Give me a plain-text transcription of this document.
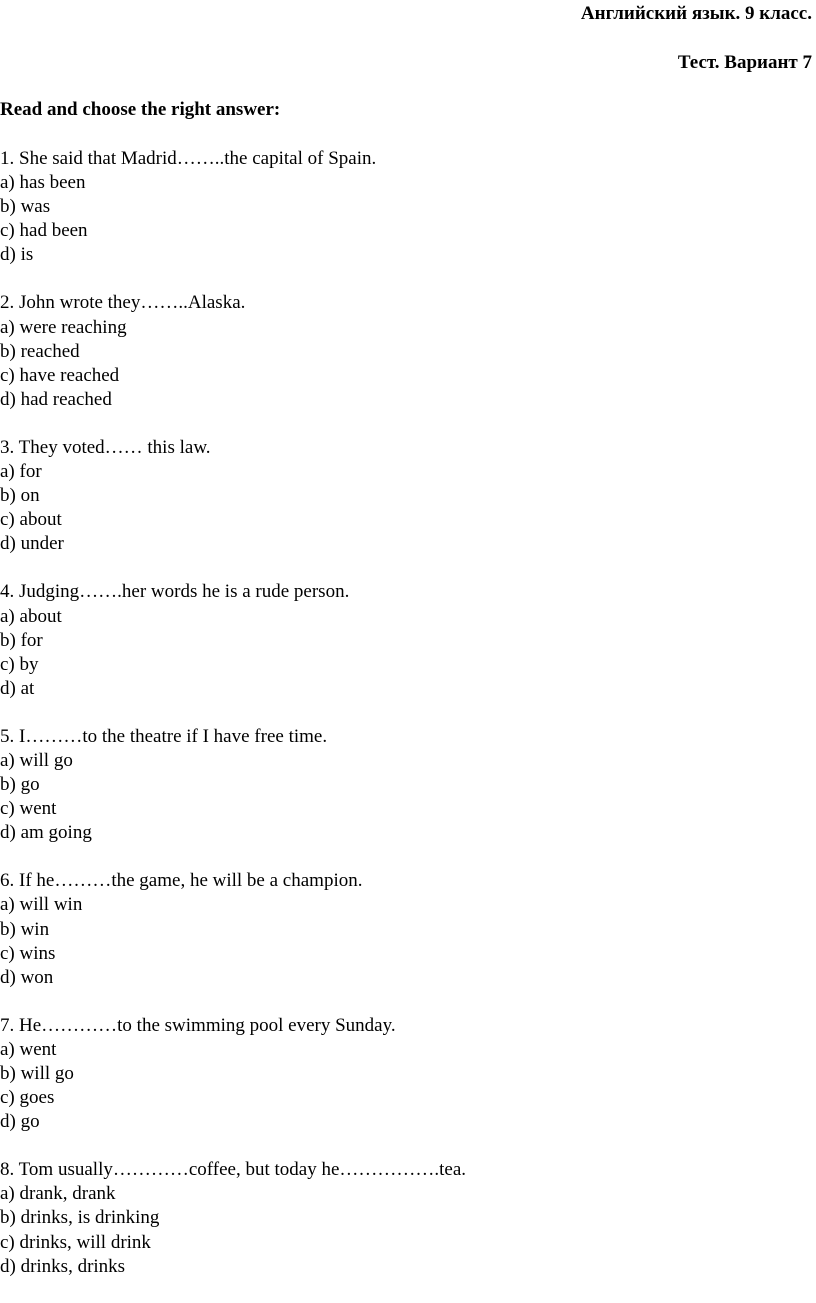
Английский язык. 9 класс.
Тест. Вариант 7
Read and choose the right answer:
1. She said that Madrid……..the capital of Spain.
a) has been
b) was
c) had been
d) is
2. John wrote they……..Alaska.
a) were reaching
b) reached
c) have reached
d) had reached
3. They voted…… this law.
a) for
b) on
c) about
d) under
4. Judging…….her words he is a rude person.
a) about
b) for
c) by
d) at
5. I………to the theatre if I have free time.
a) will go
b) go
c) went
d) am going
6. If he………the game, he will be a champion.
a) will win
b) win
c) wins
d) won
7. He…………to the swimming pool every Sunday.
a) went
b) will go
c) goes
d) go
8. Tom usually…………coffee, but today he…………….tea.
a) drank, drank
b) drinks, is drinking
c) drinks, will drink
d) drinks, drinks
